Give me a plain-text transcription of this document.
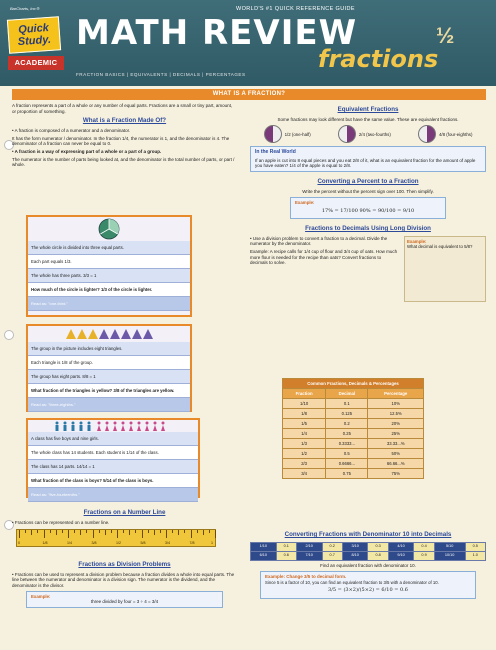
BarCharts, Inc.®
Quick Study.
ACADEMIC
WORLD'S #1 QUICK REFERENCE GUIDE
MATH REVIEW
fractions
½
FRACTION BASICS | EQUIVALENTS | DECIMALS | PERCENTAGES
WHAT IS A FRACTION?
A fraction represents a part of a whole or any number of equal parts. Fractions are a small or tiny part, amount, or proportion of something.
What is a Fraction Made Of?
• A fraction is composed of a numerator and a denominator.
It has the form numerator / denominator. In the fraction 1/4, the numerator is 1, and the denominator is 4. The denominator of a fraction can never be equal to 0.
• A fraction is a way of expressing part of a whole or a part of a group.
The numerator is the number of parts being looked at, and the denominator is the total number of parts, or part / whole.
The whole circle is divided into three equal parts.
Each part equals 1/3.
The whole has three parts. 3/3 = 1
How much of the circle is lighter? 1/3 of the circle is lighter.
Read as: "one-third."
The group in the picture includes eight triangles.
Each triangle is 1/8 of the group.
The group has eight parts. 8/8 = 1
What fraction of the triangles is yellow? 3/8 of the triangles are yellow.
Read as: "three-eighths."
A class has five boys and nine girls.
The whole class has 14 students. Each student is 1/14 of the class.
The class has 14 parts. 14/14 = 1
What fraction of the class is boys? 5/14 of the class is boys.
Read as: "five-fourteenths."
Fractions on a Number Line
• Fractions can be represented on a number line.
0	1/8	1/4	3/8	1/2	5/8	3/4	7/8	1
Fractions as Division Problems
• Fractions can be used to represent a division problem because a fraction divides a whole into equal parts. The line between the numerator and denominator is a division sign. The numerator is the dividend, and the denominator is the divisor.
Example:
three divided by four = 3 ÷ 4 = 3/4
Equivalent Fractions
Some fractions may look different but have the same value. These are equivalent fractions.
1/2 (one-half)	2/4 (two-fourths)	4/8 (four-eighths)
In the Real World
If an apple is cut into 8 equal pieces and you eat 2/8 of it, what is an equivalent fraction for the amount of apple you have eaten? 1/4 of the apple is equal to 2/8.
Converting a Percent to a Fraction
Write the percent without the percent sign over 100. Then simplify.
Example:
17% = 17/100 90% = 90/100 = 9/10
Fractions to Decimals Using Long Division
• Use a division problem to convert a fraction to a decimal. Divide the numerator by the denominator.
Example: A recipe calls for 1/4 cup of flour and 3/4 cup of oats. How much more flour is needed for the recipe than oats? Convert fractions to decimals to solve.
Example:
What decimal is equivalent to 5/8?
Common Fractions, Decimals & Percentages		
Fraction	Decimal	Percentage
1/10	0.1	10%
1/8	0.125	12.5%
1/5	0.2	20%
1/4	0.25	25%
1/3	0.3333...	33.33...%
1/2	0.5	50%
2/3	0.6666...	66.66...%
3/4	0.75	75%
Converting Fractions with Denominator 10 into Decimals
1/10	0.1	2/10	0.2	3/10	0.3	4/10	0.4	5/10	0.5
6/10	0.6	7/10	0.7	8/10	0.8	9/10	0.9	10/10	1.0
Find an equivalent fraction with denominator 10.
Example: Change 3/5 to decimal form.
Since 5 is a factor of 10, you can find an equivalent fraction to 3/5 with a denominator of 10.
3/5 = (3×2)/(5×2) = 6/10 = 0.6
